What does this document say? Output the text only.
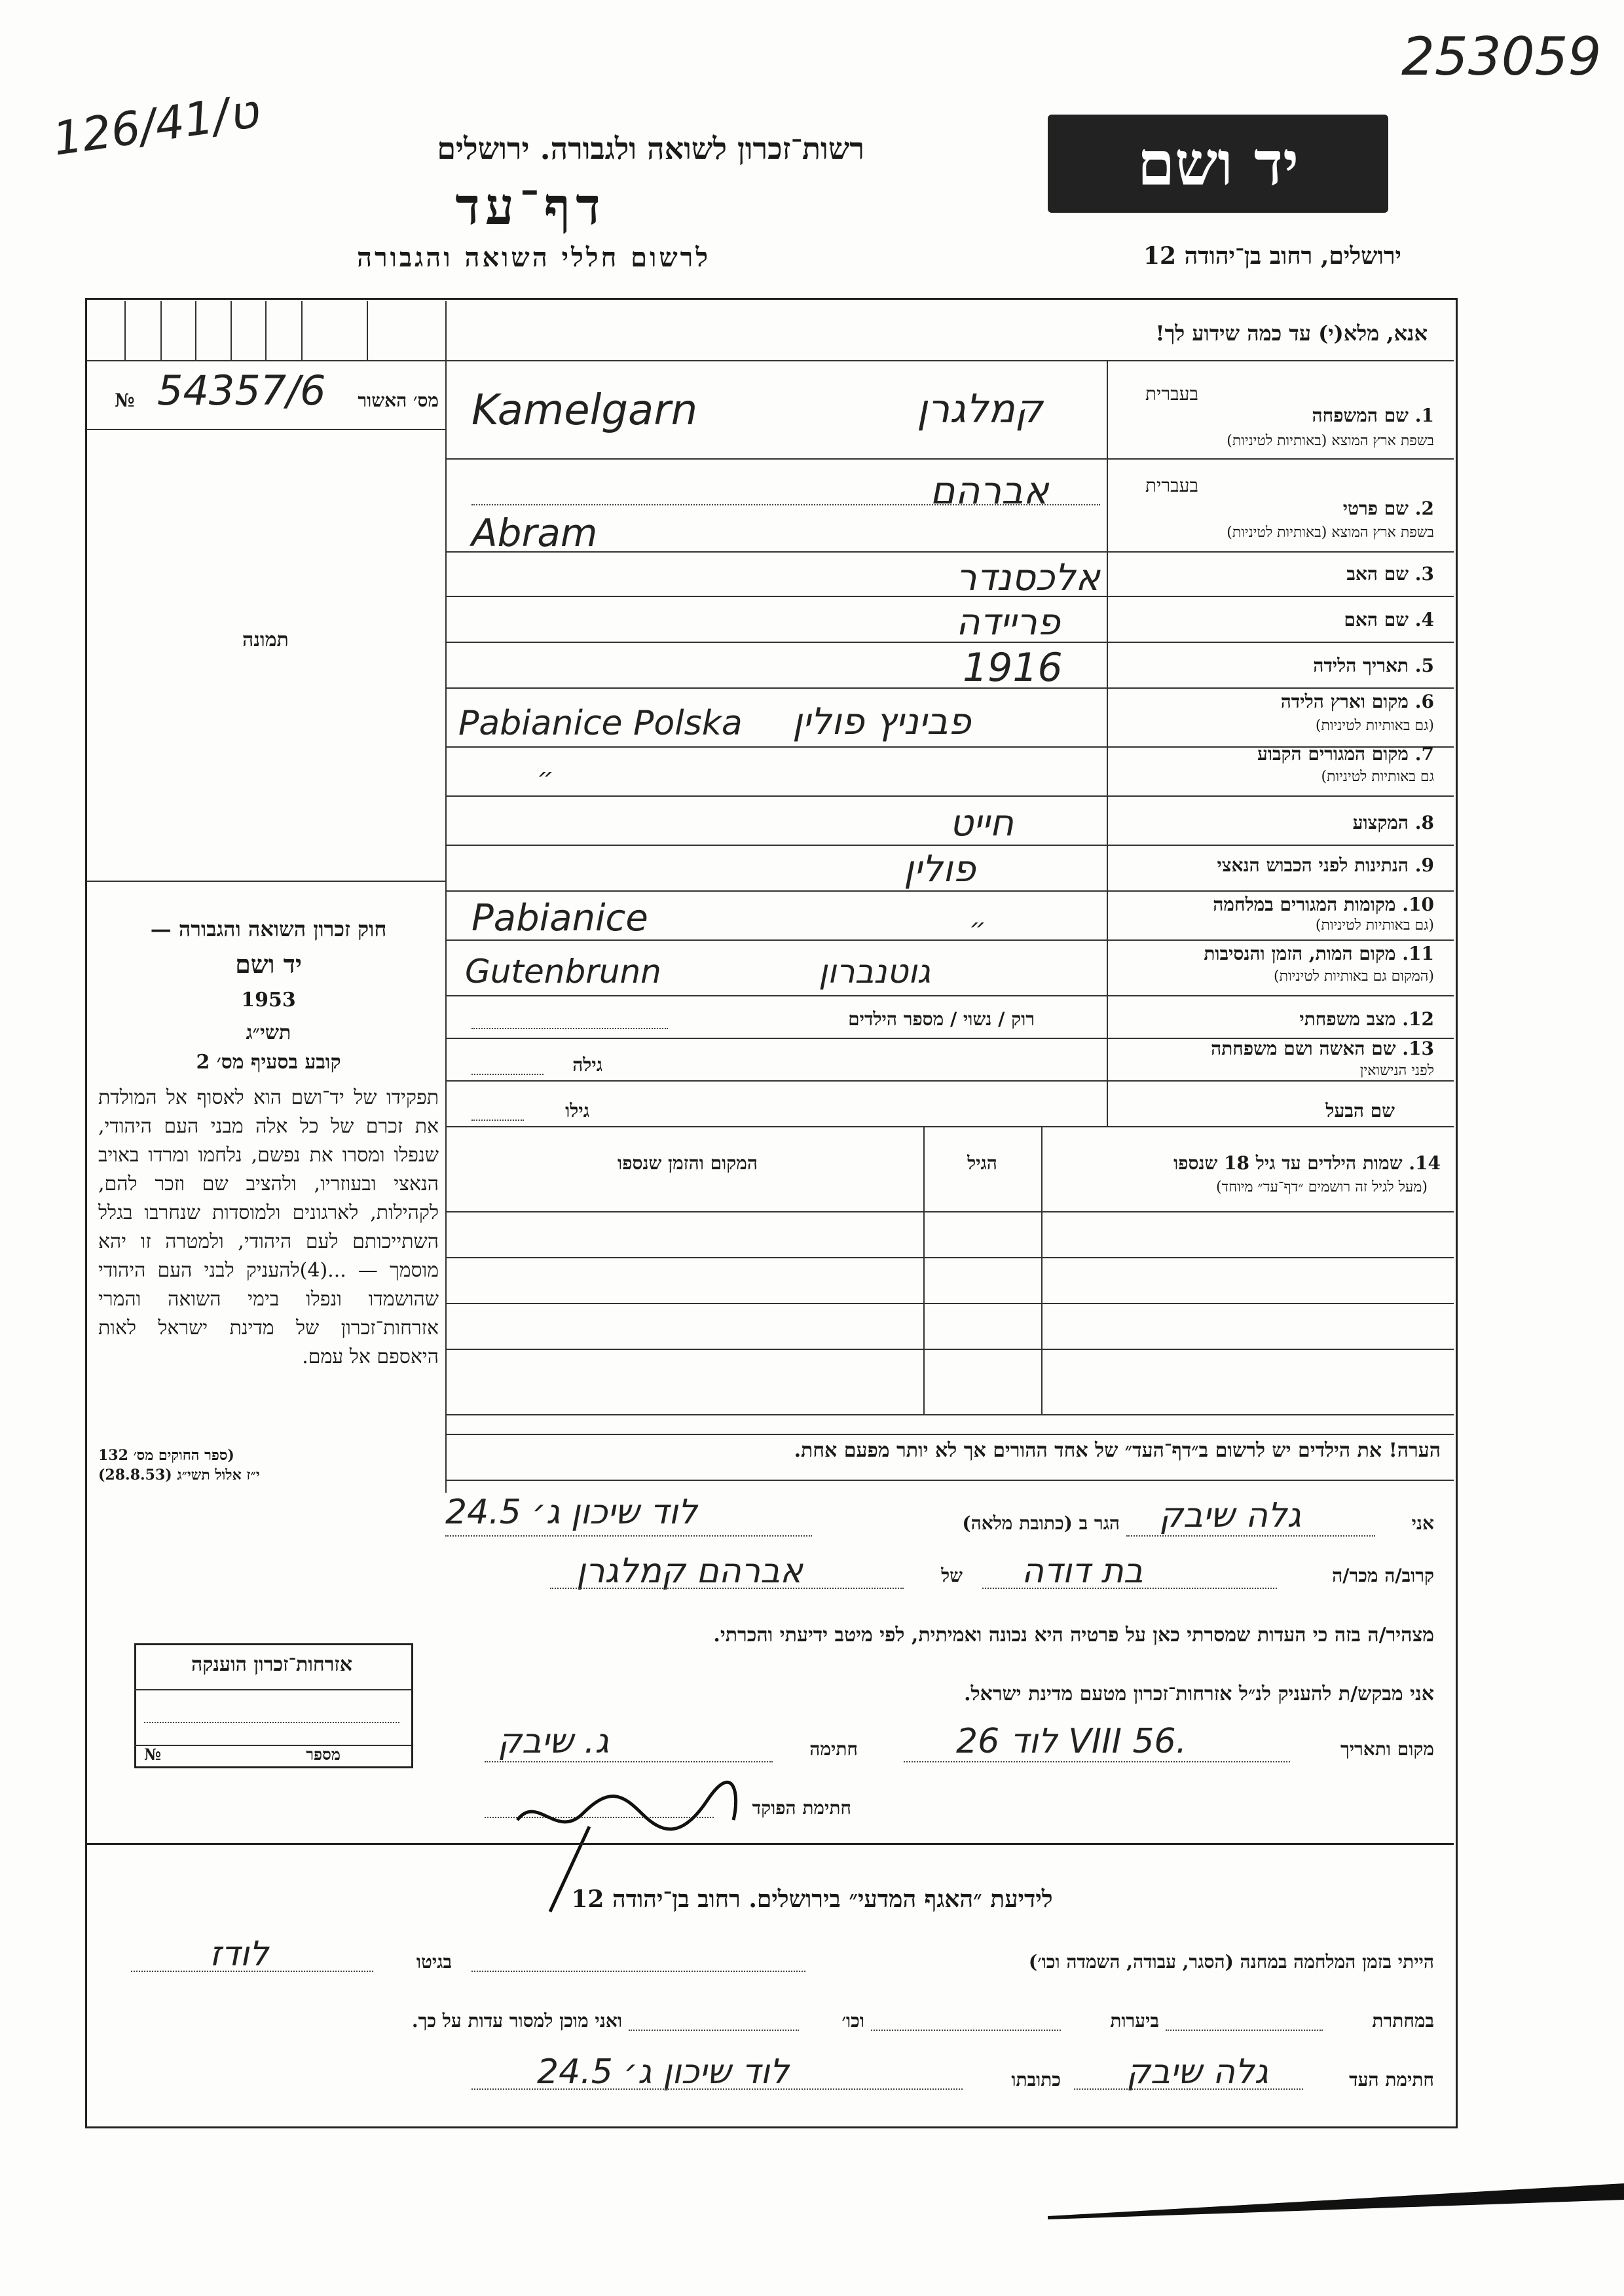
253059
126/ט/41
רשות־זכרון לשואה ולגבורה. ירושלים
דף־עד
לרשום חללי השואה והגבורה
יד ושם
ירושלים, רחוב בן־יהודה 12
אנא, מלא(י) עד כמה שידוע לך!
מס׳ האשור
№ 54357/6
תמונה
חוק זכרון השואה והגבורה —
יד ושם
1953
תשי״ג
קובע בסעיף מס׳ 2
תפקידו של יד־ושם הוא לאסוף אל המולדת את זכרם של כל אלה מבני העם היהודי, שנפלו ומסרו את נפשם, נלחמו ומרדו באויב הנאצי ובעוזריו, ולהציב שם וזכר להם, לקהילות, לארגונים ולמוסדות שנחרבו בגלל השתייכותם לעם היהודי, ולמטרה זו יהא מוסמך — ...(4)להעניק לבני העם היהודי שהושמדו ונפלו בימי השואה והמרי אזרחות־זכרון של מדינת ישראל לאות היאספם אל עמם.
(ספר החוקים מס׳ 132
י״ז אלול תשי״ג (28.8.53)
בעברית
1. שם המשפחה
בשפת ארץ המוצא (באותיות לטיניות)
Kamelgarn	קמלגרן
בעברית
2. שם פרטי
בשפת ארץ המוצא (באותיות לטיניות)
אברהם
Abram
3. שם האב
אלכסנדר
4. שם האם
פריידה
5. תאריך הלידה
1916
6. מקום וארץ הלידה
(גם באותיות לטיניות)
Pabianice Polska פביניץ פולין
7. מקום המגורים הקבוע
גם באותיות לטיניות)
״
8. המקצוע
חייט
9. הנתינות לפני הכבוש הנאצי
פולין
10. מקומות המגורים במלחמה
(גם באותיות לטיניות)
Pabianice	״
11. מקום המות, הזמן והנסיבות
(המקום גם באותיות לטיניות)
Gutenbrunn	גוטנברון
12. מצב משפחתי
רוק / נשוי / מספר הילדים
13. שם האשה ושם משפחתה
לפני הנישואין
גילה
שם הבעל
גילו
14. שמות הילדים עד גיל 18 שנספו
(מעל לגיל זה רושמים ״דף־עד״ מיוחד)
הגיל
המקום והזמן שנספו
הערה! את הילדים יש לרשום ב״דף־העד״ של אחד ההורים אך לא יותר מפעם אחת.
אני
גלה שיבק
הגר ב (כתובת מלאה)
לוד שיכון ג׳ 24.5
קרוב/ה מכר/ה
בת דודה
של
אברהם קמלגרן
מצהיר/ה בזה כי העדות שמסרתי כאן על פרטיה היא נכונה ואמיתית, לפי מיטב ידיעתי והכרתי.
אני מבקש/ת להעניק לנ״ל אזרחות־זכרון מטעם מדינת ישראל.
מקום ותאריך
לוד 26 VIII 56.
חתימה
ג. שיבק
חתימת הפוקד
אזרחות־זכרון הוענקה
מספר
№
לידיעת ״האגף המדעי״ בירושלים. רחוב בן־יהודה 12
הייתי בזמן המלחמה במחנה (הסגר, עבודה, השמדה וכו׳)
בגיטו
לודז
במחתרת
ביערות
וכו׳
ואני מוכן למסור עדות על כך.
חתימת העד
גלה שיבק
כתובתו
לוד שיכון ג׳ 24.5
